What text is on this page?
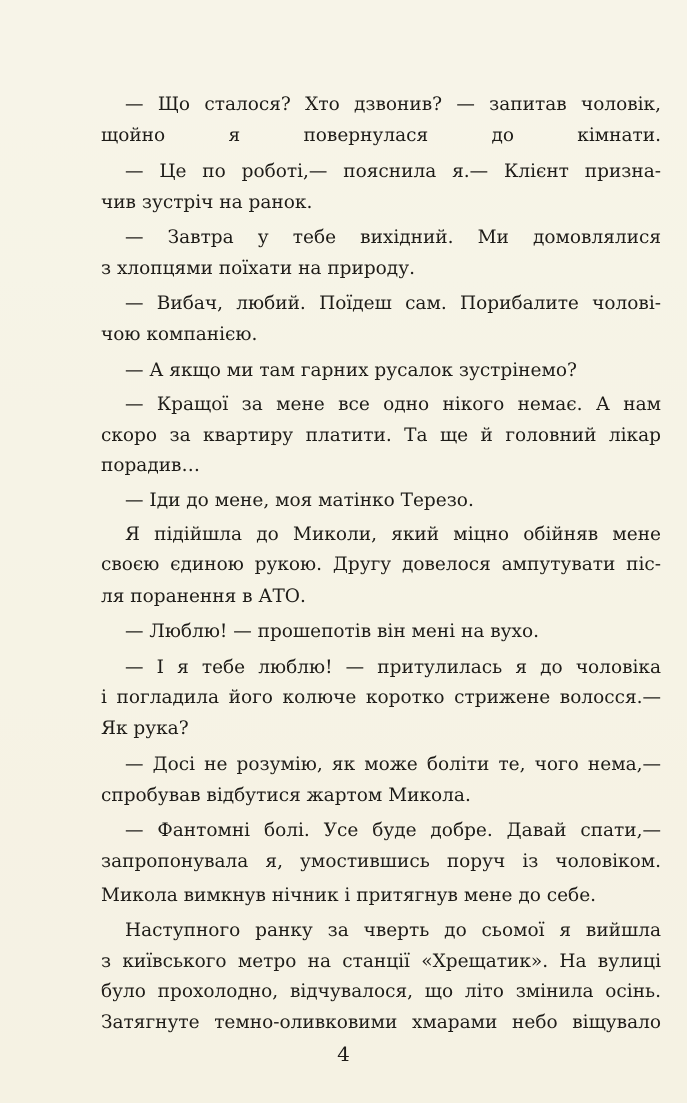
— Що сталося? Хто дзвонив? — запитав чоловік,
щойно я повернулася до кімнати.
— Це по роботі,— пояснила я.— Клієнт призна-
чив зустріч на ранок.
— Завтра у тебе вихідний. Ми домовлялися
з хлопцями поїхати на природу.
— Вибач, любий. Поїдеш сам. Порибалите чолові-
чою компанією.
— А якщо ми там гарних русалок зустрінемо?
— Кращої за мене все одно нікого немає. А нам
скоро за квартиру платити. Та ще й головний лікар
порадив…
— Іди до мене, моя матінко Терезо.
Я підійшла до Миколи, який міцно обійняв мене
своєю єдиною рукою. Другу довелося ампутувати піс-
ля поранення в АТО.
— Люблю! — прошепотів він мені на вухо.
— І я тебе люблю! — притулилась я до чоловіка
і погладила його колюче коротко стрижене волосся.—
Як рука?
— Досі не розумію, як може боліти те, чого нема,—
спробував відбутися жартом Микола.
— Фантомні болі. Усе буде добре. Давай спати,—
запропонувала я, умостившись поруч із чоловіком.
Микола вимкнув нічник і притягнув мене до себе.
Наступного ранку за чверть до сьомої я вийшла
з київського метро на станції «Хрещатик». На вулиці
було прохолодно, відчувалося, що літо змінила осінь.
Затягнуте темно-оливковими хмарами небо віщувало
4
